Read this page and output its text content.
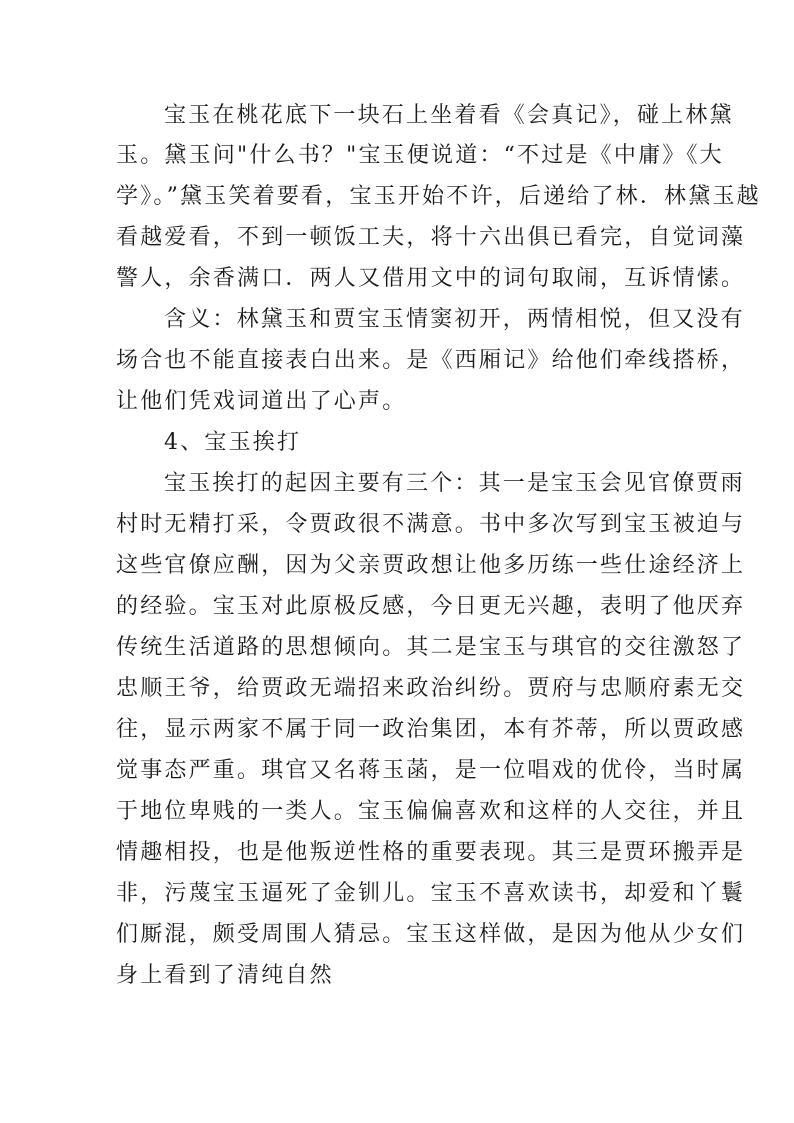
宝玉在桃花底下一块石上坐着看《会真记》，碰上林黛
玉。黛玉问"什么书？"宝玉便说道：“不过是《中庸》《大
学》。”黛玉笑着要看，宝玉开始不许，后递给了林．林黛玉越
看越爱看，不到一顿饭工夫，将十六出俱已看完，自觉词藻
警人，余香满口．两人又借用文中的词句取闹，互诉情愫。
含义：林黛玉和贾宝玉情窦初开，两情相悦，但又没有
场合也不能直接表白出来。是《西厢记》给他们牵线搭桥，
让他们凭戏词道出了心声。
4、宝玉挨打
宝玉挨打的起因主要有三个：其一是宝玉会见官僚贾雨
村时无精打采，令贾政很不满意。书中多次写到宝玉被迫与
这些官僚应酬，因为父亲贾政想让他多历练一些仕途经济上
的经验。宝玉对此原极反感，今日更无兴趣，表明了他厌弃
传统生活道路的思想倾向。其二是宝玉与琪官的交往激怒了
忠顺王爷，给贾政无端招来政治纠纷。贾府与忠顺府素无交
往，显示两家不属于同一政治集团，本有芥蒂，所以贾政感
觉事态严重。琪官又名蒋玉菡，是一位唱戏的优伶，当时属
于地位卑贱的一类人。宝玉偏偏喜欢和这样的人交往，并且
情趣相投，也是他叛逆性格的重要表现。其三是贾环搬弄是
非，污蔑宝玉逼死了金钏儿。宝玉不喜欢读书，却爱和丫鬟
们厮混，颇受周围人猜忌。宝玉这样做，是因为他从少女们
身上看到了清纯自然
